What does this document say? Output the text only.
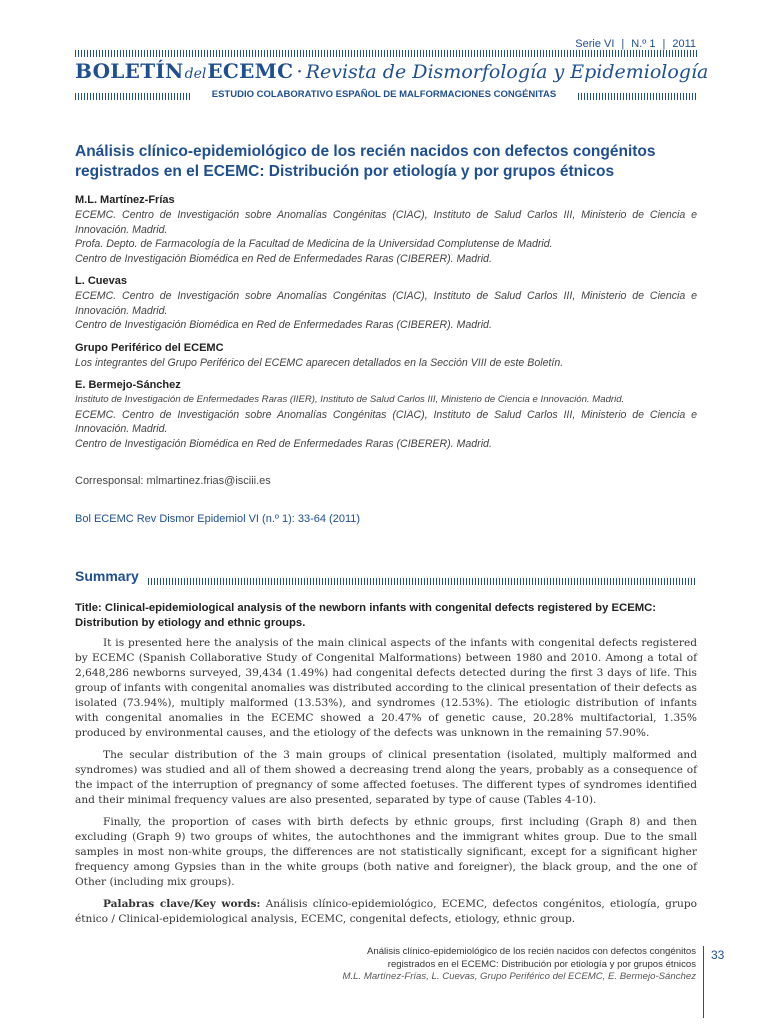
Serie VI | N.º 1 | 2011
BOLETÍNdelECEMC · Revista de Dismorfología y Epidemiología
ESTUDIO COLABORATIVO ESPAÑOL DE MALFORMACIONES CONGÉNITAS
Análisis clínico-epidemiológico de los recién nacidos con defectos congénitos registrados en el ECEMC: Distribución por etiología y por grupos étnicos
M.L. Martínez-Frías
ECEMC. Centro de Investigación sobre Anomalías Congénitas (CIAC), Instituto de Salud Carlos III, Ministerio de Ciencia e Innovación. Madrid.
Profa. Depto. de Farmacología de la Facultad de Medicina de la Universidad Complutense de Madrid.
Centro de Investigación Biomédica en Red de Enfermedades Raras (CIBERER). Madrid.
L. Cuevas
ECEMC. Centro de Investigación sobre Anomalías Congénitas (CIAC), Instituto de Salud Carlos III, Ministerio de Ciencia e Innovación. Madrid.
Centro de Investigación Biomédica en Red de Enfermedades Raras (CIBERER). Madrid.
Grupo Periférico del ECEMC
Los integrantes del Grupo Periférico del ECEMC aparecen detallados en la Sección VIII de este Boletín.
E. Bermejo-Sánchez
Instituto de Investigación de Enfermedades Raras (IIER), Instituto de Salud Carlos III, Ministerio de Ciencia e Innovación. Madrid.
ECEMC. Centro de Investigación sobre Anomalías Congénitas (CIAC), Instituto de Salud Carlos III, Ministerio de Ciencia e Innovación. Madrid.
Centro de Investigación Biomédica en Red de Enfermedades Raras (CIBERER). Madrid.
Corresponsal: mlmartinez.frias@isciii.es
Bol ECEMC Rev Dismor Epidemiol VI (n.º 1): 33-64 (2011)
Summary

Title: Clinical-epidemiological analysis of the newborn infants with congenital defects registered by ECEMC: Distribution by etiology and ethnic groups.

It is presented here the analysis of the main clinical aspects of the infants with congenital defects registered by ECEMC (Spanish Collaborative Study of Congenital Malformations) between 1980 and 2010. Among a total of 2,648,286 newborns surveyed, 39,434 (1.49%) had congenital defects detected during the first 3 days of life. This group of infants with congenital anomalies was distributed according to the clinical presentation of their defects as isolated (73.94%), multiply malformed (13.53%), and syndromes (12.53%). The etiologic distribution of infants with congenital anomalies in the ECEMC showed a 20.47% of genetic cause, 20.28% multifactorial, 1.35% produced by environmental causes, and the etiology of the defects was unknown in the remaining 57.90%.

The secular distribution of the 3 main groups of clinical presentation (isolated, multiply malformed and syndromes) was studied and all of them showed a decreasing trend along the years, probably as a consequence of the impact of the interruption of pregnancy of some affected foetuses. The different types of syndromes identified and their minimal frequency values are also presented, separated by type of cause (Tables 4-10).

Finally, the proportion of cases with birth defects by ethnic groups, first including (Graph 8) and then excluding (Graph 9) two groups of whites, the autochthones and the immigrant whites group. Due to the small samples in most non-white groups, the differences are not statistically significant, except for a significant higher frequency among Gypsies than in the white groups (both native and foreigner), the black group, and the one of Other (including mix groups).

Palabras clave/Key words: Análisis clínico-epidemiológico, ECEMC, defectos congénitos, etiología, grupo étnico / Clinical-epidemiological analysis, ECEMC, congenital defects, etiology, ethnic group.

Análisis clínico-epidemiológico de los recién nacidos con defectos congénitos
registrados en el ECEMC: Distribución por etiología y por grupos étnicos
M.L. Martínez-Frías, L. Cuevas, Grupo Periférico del ECEMC, E. Bermejo-Sánchez
33
